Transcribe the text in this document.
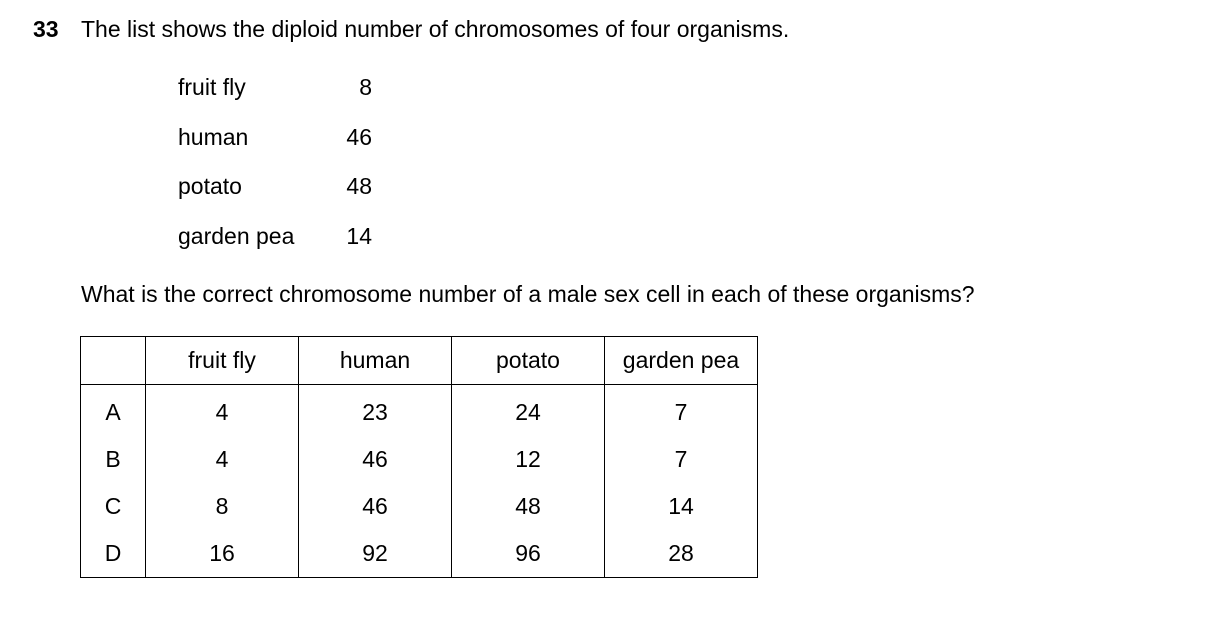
33 The list shows the diploid number of chromosomes of four organisms.
fruit fly	8
human	46
potato	48
garden pea 14
What is the correct chromosome number of a male sex cell in each of these organisms?
	fruit fly	human	potato	garden pea
A	4	23	24	7
B	4	46	12	7
C	8	46	48	14
D	16	92	96	28
